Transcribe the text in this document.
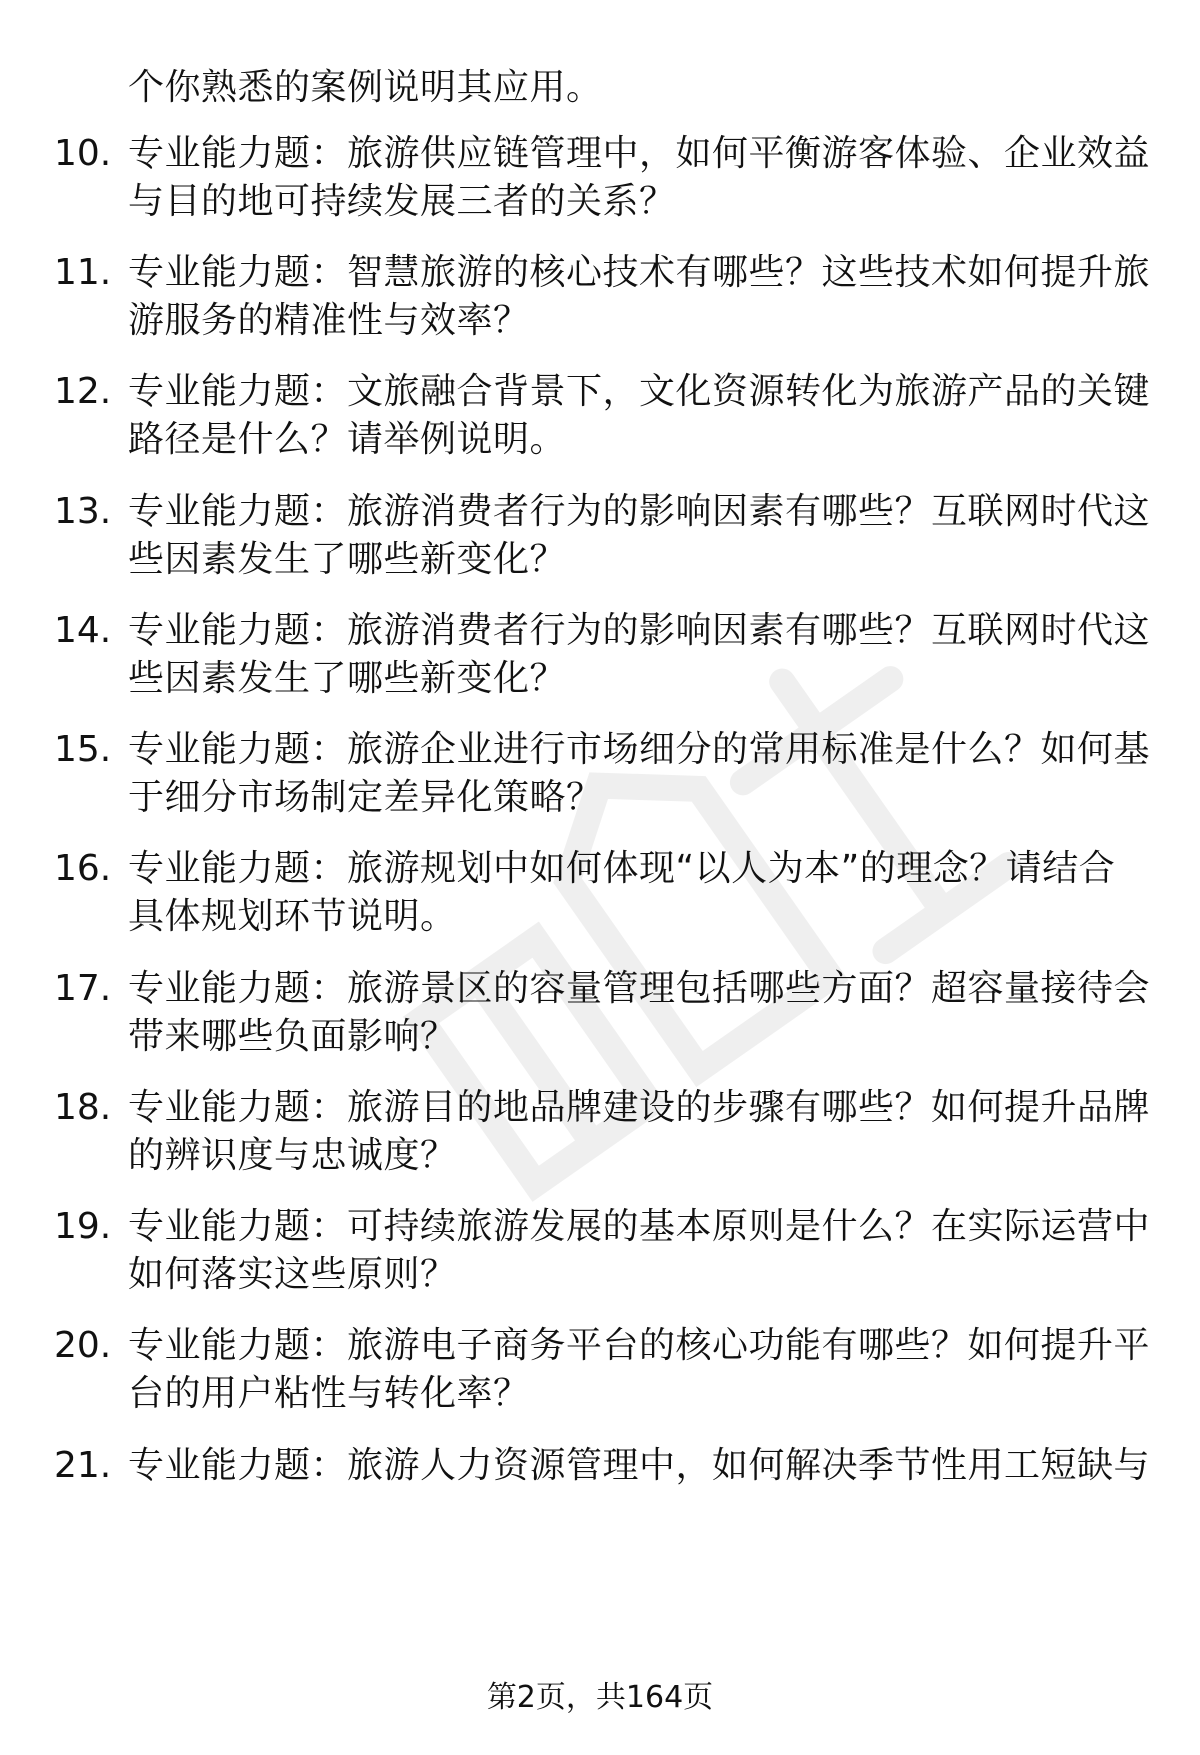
个你熟悉的案例说明其应用。
10. 专业能力题：旅游供应链管理中，如何平衡游客体验、企业效益
与目的地可持续发展三者的关系？
11. 专业能力题：智慧旅游的核心技术有哪些？这些技术如何提升旅
游服务的精准性与效率？
12. 专业能力题：文旅融合背景下，文化资源转化为旅游产品的关键
路径是什么？请举例说明。
13. 专业能力题：旅游消费者行为的影响因素有哪些？互联网时代这
些因素发生了哪些新变化？
14. 专业能力题：旅游消费者行为的影响因素有哪些？互联网时代这
些因素发生了哪些新变化？
15. 专业能力题：旅游企业进行市场细分的常用标准是什么？如何基
于细分市场制定差异化策略？
16. 专业能力题：旅游规划中如何体现“以人为本”的理念？请结合
具体规划环节说明。
17. 专业能力题：旅游景区的容量管理包括哪些方面？超容量接待会
带来哪些负面影响？
18. 专业能力题：旅游目的地品牌建设的步骤有哪些？如何提升品牌
的辨识度与忠诚度？
19. 专业能力题：可持续旅游发展的基本原则是什么？在实际运营中
如何落实这些原则？
20. 专业能力题：旅游电子商务平台的核心功能有哪些？如何提升平
台的用户粘性与转化率？
21. 专业能力题：旅游人力资源管理中，如何解决季节性用工短缺与
第2页，共164页
